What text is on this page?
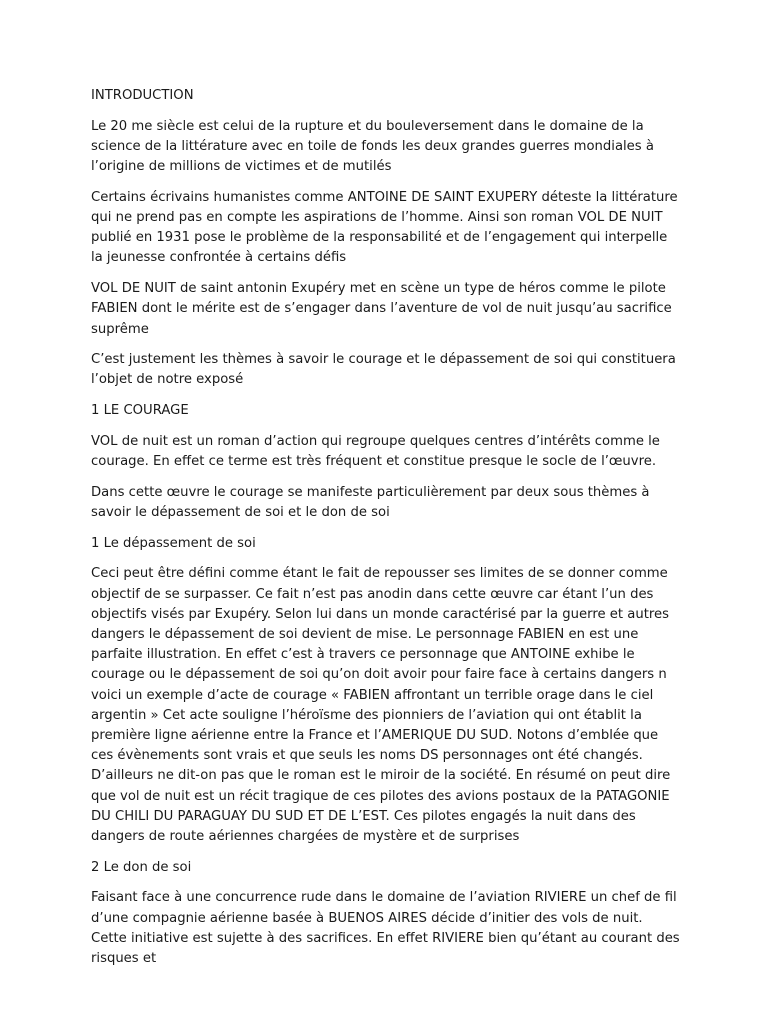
INTRODUCTION

Le 20 me siècle est celui de la rupture et du bouleversement dans le domaine de la science de la littérature avec en toile de fonds les deux grandes guerres mondiales à l’origine de millions de victimes et de mutilés

Certains écrivains humanistes comme ANTOINE DE SAINT EXUPERY déteste la littérature qui ne prend pas en compte les aspirations de l’homme. Ainsi son roman VOL DE NUIT publié en 1931 pose le problème de la responsabilité et de l’engagement qui interpelle la jeunesse confrontée à certains défis

VOL DE NUIT de saint antonin Exupéry met en scène un type de héros comme le pilote FABIEN dont le mérite est de s’engager dans l’aventure de vol de nuit jusqu’au sacrifice suprême

C’est justement les thèmes à savoir le courage et le dépassement de soi qui constituera l’objet de notre exposé

1 LE COURAGE

VOL de nuit est un roman d’action qui regroupe quelques centres d’intérêts comme le courage. En effet ce terme est très fréquent et constitue presque le socle de l’œuvre.

Dans cette œuvre le courage se manifeste particulièrement par deux sous thèmes à savoir le dépassement de soi et le don de soi

1 Le dépassement de soi

Ceci peut être défini comme étant le fait de repousser ses limites de se donner comme objectif de se surpasser. Ce fait n’est pas anodin dans cette œuvre car étant l’un des objectifs visés par Exupéry. Selon lui dans un monde caractérisé par la guerre et autres dangers le dépassement de soi devient de mise. Le personnage FABIEN en est une parfaite illustration. En effet c’est à travers ce personnage que ANTOINE exhibe le courage ou le dépassement de soi qu’on doit avoir pour faire face à certains dangers n voici un exemple d’acte de courage « FABIEN affrontant un terrible orage dans le ciel argentin » Cet acte souligne l’héroïsme des pionniers de l’aviation qui ont établit la première ligne aérienne entre la France et l’AMERIQUE DU SUD. Notons d’emblée que ces évènements sont vrais et que seuls les noms DS personnages ont été changés. D’ailleurs ne dit-on pas que le roman est le miroir de la société. En résumé on peut dire que vol de nuit est un récit tragique de ces pilotes des avions postaux de la PATAGONIE DU CHILI DU PARAGUAY DU SUD ET DE L’EST. Ces pilotes engagés la nuit dans des dangers de route aériennes chargées de mystère et de surprises

2 Le don de soi

Faisant face à une concurrence rude dans le domaine de l’aviation RIVIERE un chef de fil d’une compagnie aérienne basée à BUENOS AIRES décide d’initier des vols de nuit. Cette initiative est sujette à des sacrifices. En effet RIVIERE bien qu’étant au courant des risques et
